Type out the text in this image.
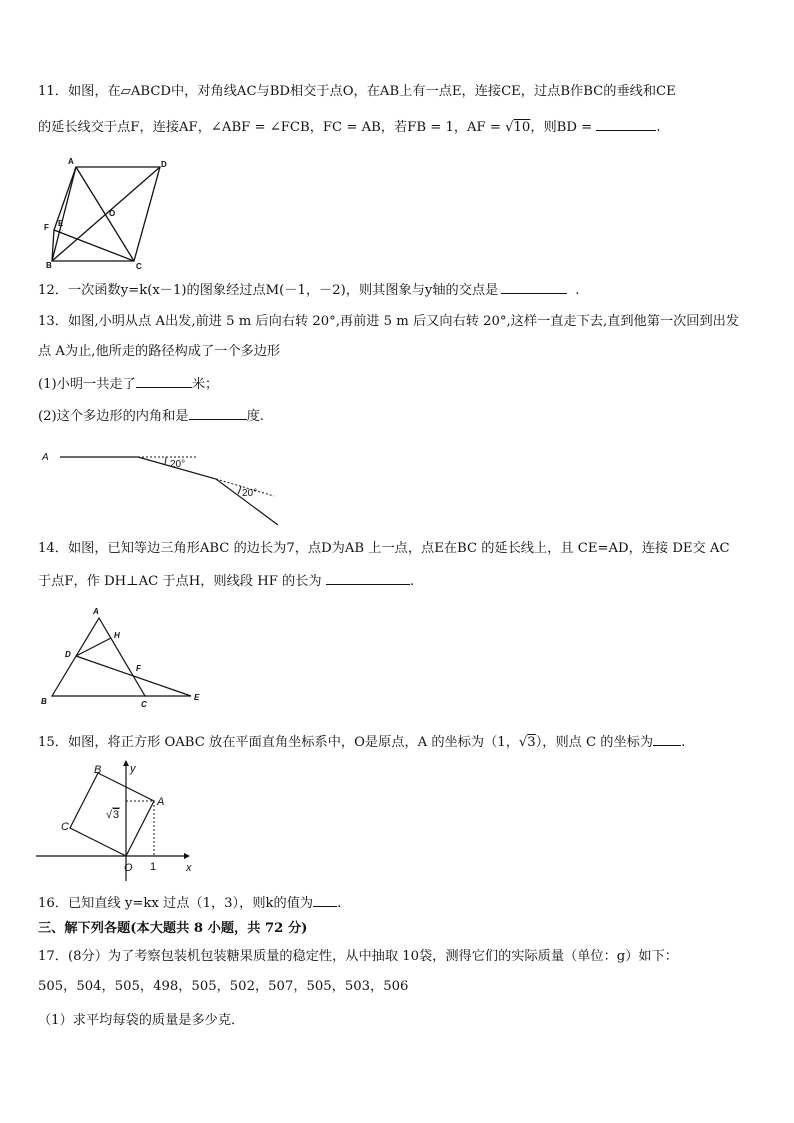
11．如图，在▱ABCD中，对角线AC与BD相交于点O，在AB上有一点E，连接CE，过点B作BC的垂线和CE
的延长线交于点F，连接AF，∠ABF = ∠FCB，FC = AB，若FB = 1，AF = √10，则BD =	.
A	D
O
F E
B	C
12．一次函数y=k(x－1)的图象经过点M(－1，－2)，则其图象与y轴的交点是	.
13．如图,小明从点 A出发,前进 5 m 后向右转 20°,再前进 5 m 后又向右转 20°,这样一直走下去,直到他第一次回到出发
点 A为止,他所走的路径构成了一个多边形
(1)小明一共走了	米；
(2)这个多边形的内角和是	度.
A
20°
20°
14．如图，已知等边三角形ABC 的边长为7，点D为AB 上一点，点E在BC 的延长线上，且 CE=AD，连接 DE交 AC
于点F，作 DH⊥AC 于点H，则线段 HF 的长为	.
A
H
D
F
B	C
E
15．如图，将正方形 OABC 放在平面直角坐标系中，O是原点，A 的坐标为（1，√3），则点 C 的坐标为 .
B	y
A
C
O	x
√ 3
1
16．已知直线 y=kx 过点（1，3），则k的值为 .
三、解下列各题(本大题共 8 小题，共 72 分)
17．(8分）为了考察包装机包装糖果质量的稳定性，从中抽取 10袋，测得它们的实际质量（单位：g）如下：
505，504，505，498，505，502，507，505，503，506
（1）求平均每袋的质量是多少克．
